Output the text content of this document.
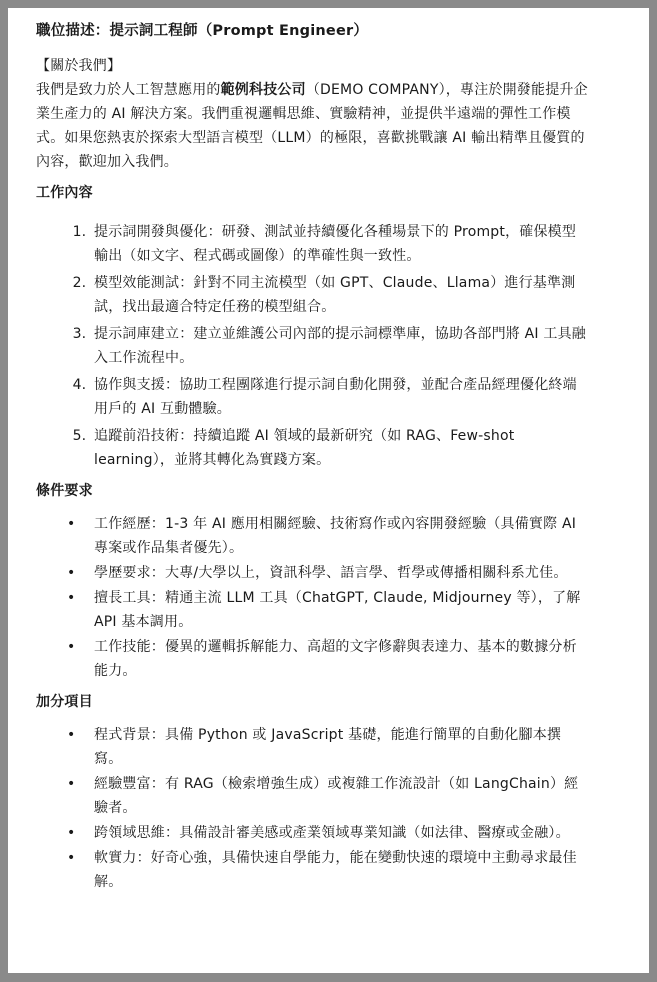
職位描述：提示詞工程師（Prompt Engineer）
【關於我們】
我們是致力於人工智慧應用的範例科技公司（DEMO COMPANY），專注於開發能提升企業生產力的 AI 解決方案。我們重視邏輯思維、實驗精神，並提供半遠端的彈性工作模式。如果您熱衷於探索大型語言模型（LLM）的極限，喜歡挑戰讓 AI 輸出精準且優質的內容，歡迎加入我們。
工作內容
1. 提示詞開發與優化：研發、測試並持續優化各種場景下的 Prompt，確保模型輸出（如文字、程式碼或圖像）的準確性與一致性。
2. 模型效能測試：針對不同主流模型（如 GPT、Claude、Llama）進行基準測試，找出最適合特定任務的模型組合。
3. 提示詞庫建立：建立並維護公司內部的提示詞標準庫，協助各部門將 AI 工具融入工作流程中。
4. 協作與支援：協助工程團隊進行提示詞自動化開發，並配合產品經理優化終端用戶的 AI 互動體驗。
5. 追蹤前沿技術：持續追蹤 AI 領域的最新研究（如 RAG、Few-shot learning），並將其轉化為實踐方案。
條件要求
• 工作經歷：1-3 年 AI 應用相關經驗、技術寫作或內容開發經驗（具備實際 AI 專案或作品集者優先）。
• 學歷要求：大專/大學以上，資訊科學、語言學、哲學或傳播相關科系尤佳。
• 擅長工具：精通主流 LLM 工具（ChatGPT, Claude, Midjourney 等），了解 API 基本調用。
• 工作技能：優異的邏輯拆解能力、高超的文字修辭與表達力、基本的數據分析能力。
加分項目
• 程式背景：具備 Python 或 JavaScript 基礎，能進行簡單的自動化腳本撰寫。
• 經驗豐富：有 RAG（檢索增強生成）或複雜工作流設計（如 LangChain）經驗者。
• 跨領域思維：具備設計審美感或產業領域專業知識（如法律、醫療或金融）。
• 軟實力：好奇心強，具備快速自學能力，能在變動快速的環境中主動尋求最佳解。
